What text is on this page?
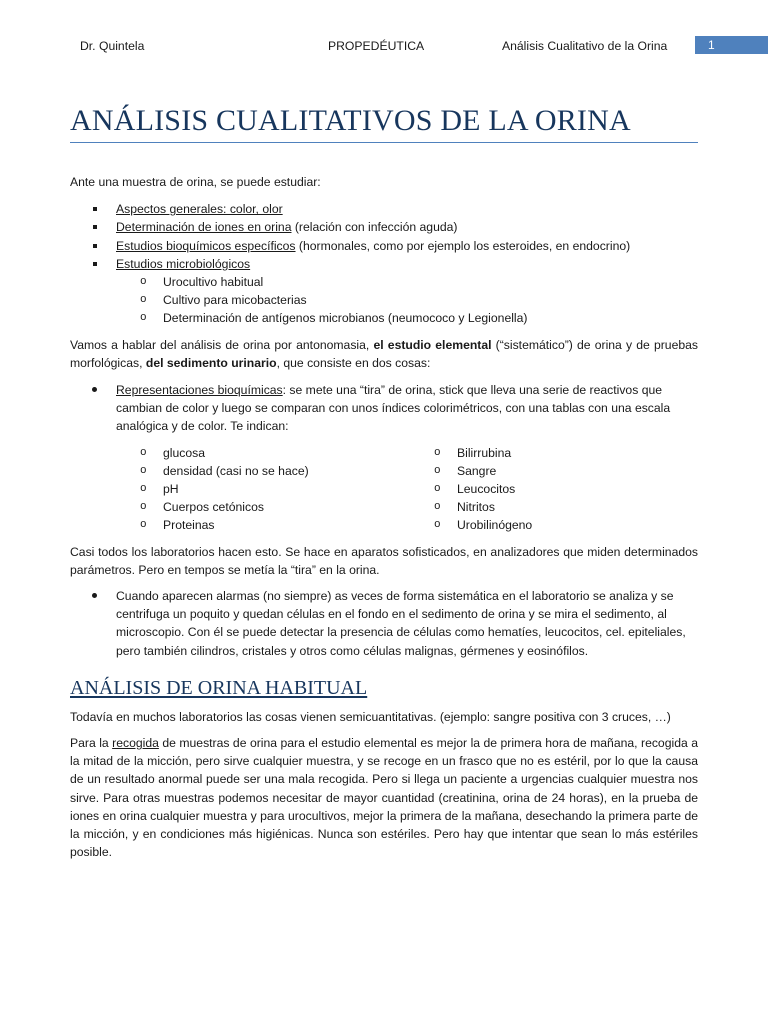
Dr. Quintela	PROPEDÉUTICA	Análisis Cualitativo de la Orina	1
ANÁLISIS CUALITATIVOS DE LA ORINA

Ante una muestra de orina, se puede estudiar:

Aspectos generales: color, olor
Determinación de iones en orina (relación con infección aguda)
Estudios bioquímicos específicos (hormonales, como por ejemplo los esteroides, en endocrino)
Estudios microbiológicos
o Urocultivo habitual
o Cultivo para micobacterias
o Determinación de antígenos microbianos (neumococo y Legionella)

Vamos a hablar del análisis de orina por antonomasia, el estudio elemental (“sistemático”) de orina y de pruebas morfológicas, del sedimento urinario, que consiste en dos cosas:

Representaciones bioquímicas: se mete una “tira” de orina, stick que lleva una serie de reactivos que cambian de color y luego se comparan con unos índices colorimétricos, con una tablas con una escala analógica y de color. Te indican:
o glucosa
o densidad (casi no se hace)
o pH
o Cuerpos cetónicos
o Proteinas
o Bilirrubina
o Sangre
o Leucocitos
o Nitritos
o Urobilinógeno

Casi todos los laboratorios hacen esto. Se hace en aparatos sofisticados, en analizadores que miden determinados parámetros. Pero en tempos se metía la “tira” en la orina.

Cuando aparecen alarmas (no siempre) as veces de forma sistemática en el laboratorio se analiza y se centrifuga un poquito y quedan células en el fondo en el sedimento de orina y se mira el sedimento, al microscopio. Con él se puede detectar la presencia de células como hematíes, leucocitos, cel. epiteliales, pero también cilindros, cristales y otros como células malignas, gérmenes y eosinófilos.
ANÁLISIS DE ORINA HABITUAL

Todavía en muchos laboratorios las cosas vienen semicuantitativas. (ejemplo: sangre positiva con 3 cruces, …)

Para la recogida de muestras de orina para el estudio elemental es mejor la de primera hora de mañana, recogida a la mitad de la micción, pero sirve cualquier muestra, y se recoge en un frasco que no es estéril, por lo que la causa de un resultado anormal puede ser una mala recogida. Pero si llega un paciente a urgencias cualquier muestra nos sirve. Para otras muestras podemos necesitar de mayor cuantidad (creatinina, orina de 24 horas), en la prueba de iones en orina cualquier muestra y para urocultivos, mejor la primera de la mañana, desechando la primera parte de la micción, y en condiciones más higiénicas. Nunca son estériles. Pero hay que intentar que sean lo más estériles posible.
